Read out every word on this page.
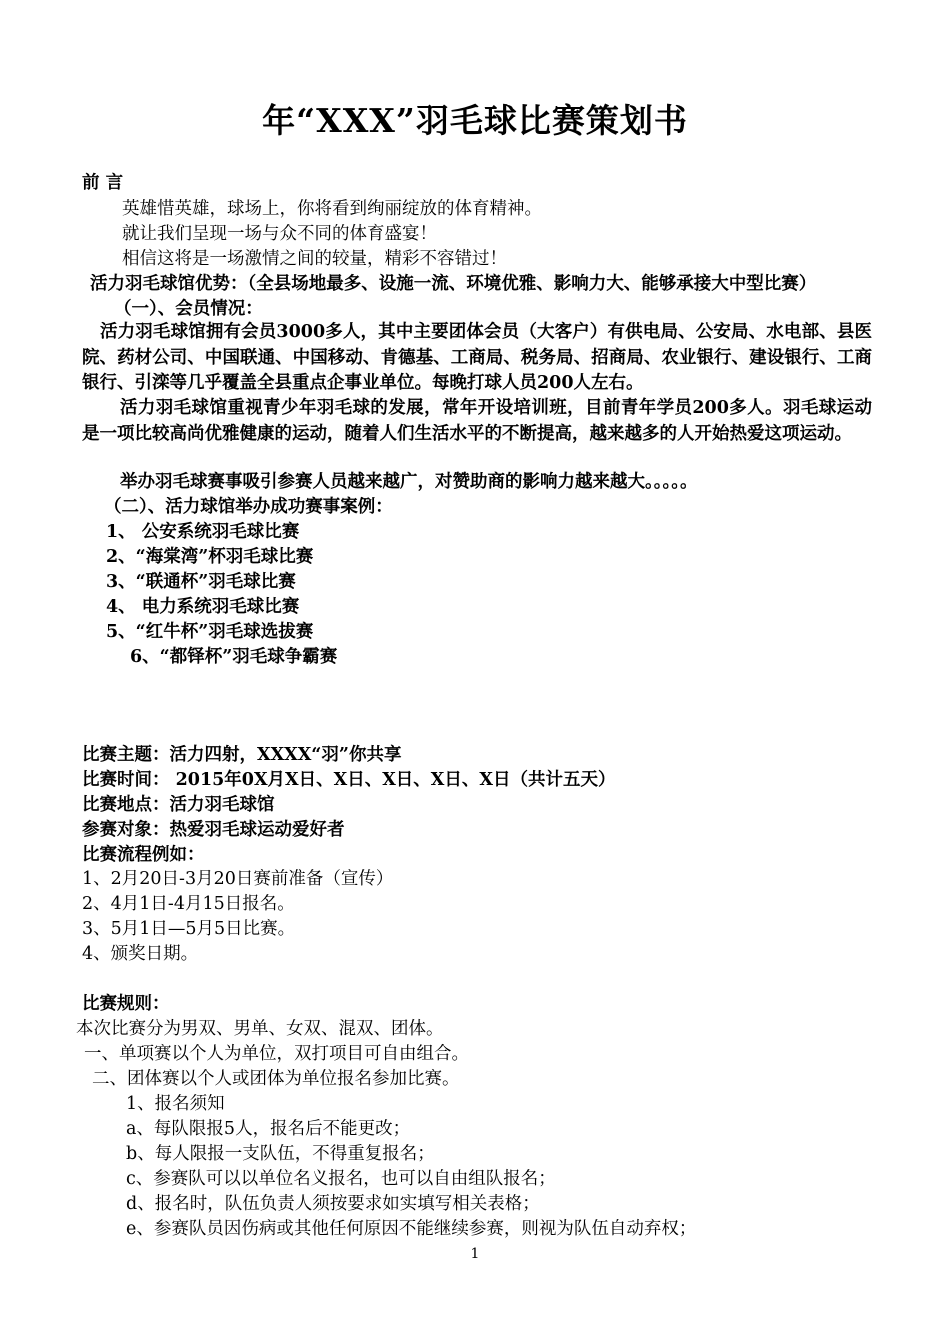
年“XXX”羽毛球比赛策划书
前 言
英雄惜英雄，球场上，你将看到绚丽绽放的体育精神。
就让我们呈现一场与众不同的体育盛宴！
相信这将是一场激情之间的较量，精彩不容错过！
活力羽毛球馆优势：（全县场地最多、设施一流、环境优雅、影响力大、能够承接大中型比赛）
（一）、会员情况：
活力羽毛球馆拥有会员3000多人，其中主要团体会员（大客户）有供电局、公安局、水电部、县医院、药材公司、中国联通、中国移动、肯德基、工商局、税务局、招商局、农业银行、建设银行、工商银行、引滦等几乎覆盖全县重点企事业单位。每晚打球人员200人左右。
活力羽毛球馆重视青少年羽毛球的发展，常年开设培训班，目前青年学员200多人。羽毛球运动是一项比较高尚优雅健康的运动，随着人们生活水平的不断提高，越来越多的人开始热爱这项运动。
举办羽毛球赛事吸引参赛人员越来越广，对赞助商的影响力越来越大。。。。。
（二）、活力球馆举办成功赛事案例：
1、 公安系统羽毛球比赛
2、“海棠湾”杯羽毛球比赛
3、“联通杯”羽毛球比赛
4、 电力系统羽毛球比赛
5、“红牛杯”羽毛球选拔赛
6、“都铎杯”羽毛球争霸赛
比赛主题：活力四射，XXXX“羽”你共享
比赛时间： 2015年0X月X日、X日、X日、X日、X日（共计五天）
比赛地点：活力羽毛球馆
参赛对象：热爱羽毛球运动爱好者
比赛流程例如：
1、2月20日-3月20日赛前准备（宣传）
2、4月1日-4月15日报名。
3、5月1日—5月5日比赛。
4、颁奖日期。
比赛规则：
本次比赛分为男双、男单、女双、混双、团体。
一、单项赛以个人为单位，双打项目可自由组合。
二、团体赛以个人或团体为单位报名参加比赛。
1、报名须知
a、每队限报5人，报名后不能更改；
b、每人限报一支队伍，不得重复报名；
c、参赛队可以以单位名义报名，也可以自由组队报名；
d、报名时，队伍负责人须按要求如实填写相关表格；
e、参赛队员因伤病或其他任何原因不能继续参赛，则视为队伍自动弃权；
1
